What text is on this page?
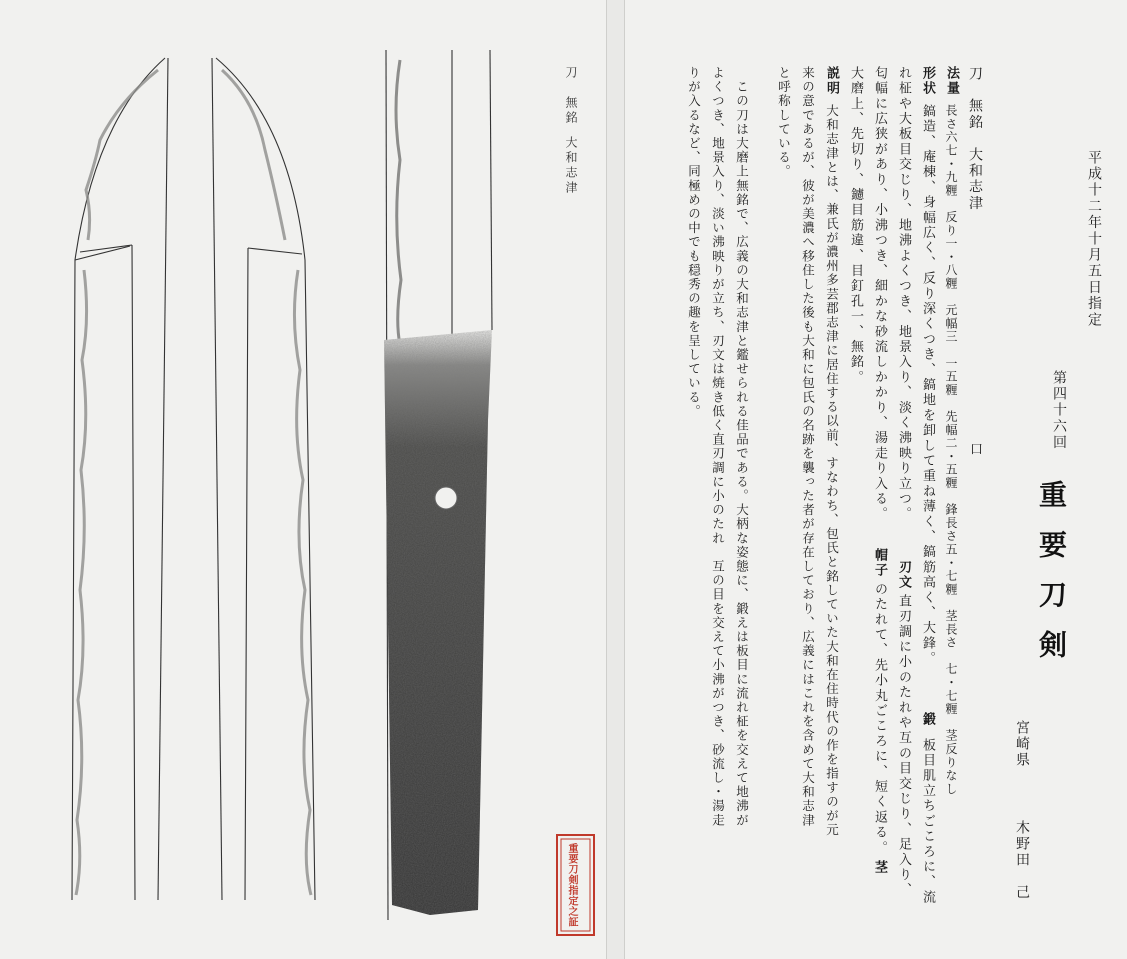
重要刀剣指定之証
刀
無銘
大和志津	平成十二年十月五日指定
第四十六回
重要刀剣
宮崎県
木野田　己
刀　無銘　大和志津
口
法量
長さ六七・九糎　反り一・八糎　元幅三　一五糎　先幅二・五糎　鋒長さ五・七糎　茎長さ　七・七糎　茎反りなし
形状
鎬造、庵棟、身幅広く、反り深くつき、鎬地を卸して重ね薄く、鎬筋高く、大鋒。
鍛
板目肌立ちごころに、流
れ柾や大板目交じり、地沸よくつき、地景入り、淡く沸映り立つ。
刃文
直刃調に小のたれや互の目交じり、足入り、
匂幅に広狭があり、小沸つき、細かな砂流しかかり、湯走り入る。
帽子
のたれて、先小丸ごころに、短く返る。
茎
大磨上、先切り、鑢目筋違、目釘孔一、無銘。
説明
大和志津とは、兼氏が濃州多芸郡志津に居住する以前、すなわち、包氏と銘していた大和在住時代の作を指すのが元
来の意であるが、彼が美濃へ移住した後も大和に包氏の名跡を襲った者が存在しており、広義にはこれを含めて大和志津
と呼称している。
　この刀は大磨上無銘で、広義の大和志津と鑑せられる佳品である。大柄な姿態に、鍛えは板目に流れ柾を交えて地沸が
よくつき、地景入り、淡い沸映りが立ち、刃文は焼き低く直刃調に小のたれ　互の目を交えて小沸がつき、砂流し・湯走
りが入るなど、同極めの中でも穏秀の趣を呈している。
